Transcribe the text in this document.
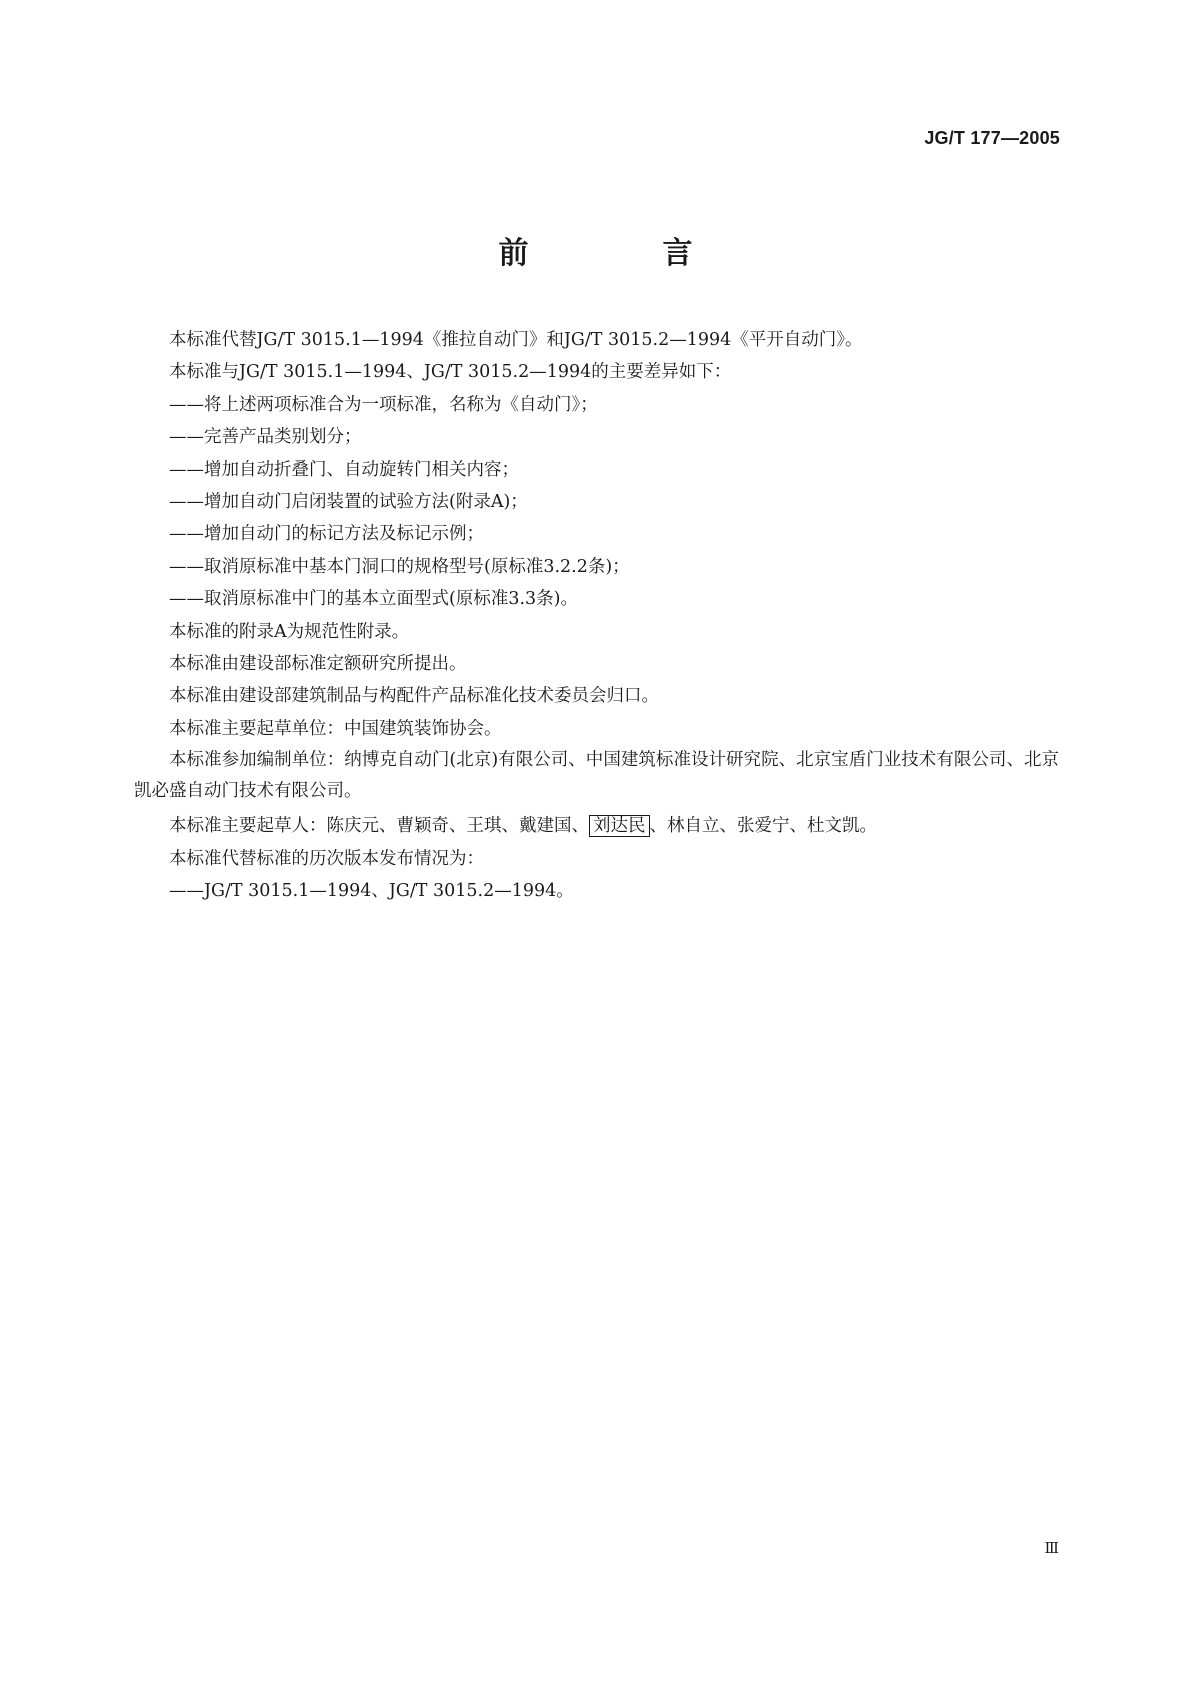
JG/T 177—2005
前　言

本标准代替JG/T 3015.1—1994《推拉自动门》和JG/T 3015.2—1994《平开自动门》。

本标准与JG/T 3015.1—1994、JG/T 3015.2—1994的主要差异如下：

——将上述两项标准合为一项标准，名称为《自动门》；

——完善产品类别划分；

——增加自动折叠门、自动旋转门相关内容；

——增加自动门启闭装置的试验方法(附录A)；

——增加自动门的标记方法及标记示例；

——取消原标准中基本门洞口的规格型号(原标准3.2.2条)；

——取消原标准中门的基本立面型式(原标准3.3条)。

本标准的附录A为规范性附录。

本标准由建设部标准定额研究所提出。

本标准由建设部建筑制品与构配件产品标准化技术委员会归口。

本标准主要起草单位：中国建筑装饰协会。

本标准参加编制单位：纳博克自动门(北京)有限公司、中国建筑标准设计研究院、北京宝盾门业技术有限公司、北京凯必盛自动门技术有限公司。

本标准主要起草人：陈庆元、曹颖奇、王琪、戴建国、 刘达民 、林自立、张爱宁、杜文凯。

本标准代替标准的历次版本发布情况为：

——JG/T 3015.1—1994、JG/T 3015.2—1994。

Ⅲ
